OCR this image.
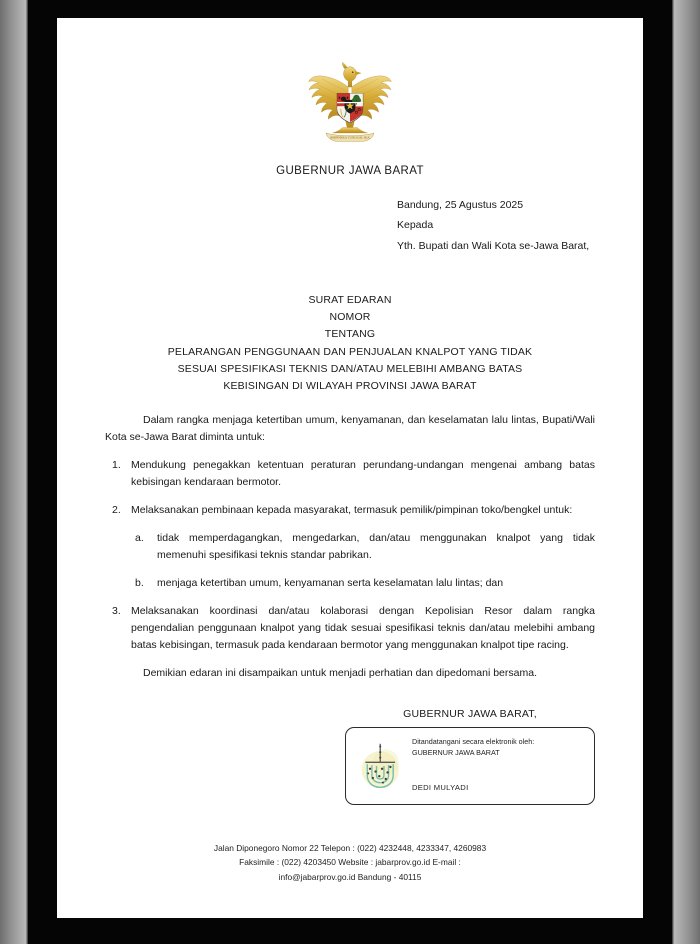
BHINNEKA TUNGGAL IKA
GUBERNUR JAWA BARAT
Bandung, 25 Agustus 2025
Kepada
Yth. Bupati dan Wali Kota se-Jawa Barat,
SURAT EDARAN
NOMOR
TENTANG
PELARANGAN PENGGUNAAN DAN PENJUALAN KNALPOT YANG TIDAK
SESUAI SPESIFIKASI TEKNIS DAN/ATAU MELEBIHI AMBANG BATAS
KEBISINGAN DI WILAYAH PROVINSI JAWA BARAT

Dalam rangka menjaga ketertiban umum, kenyamanan, dan keselamatan lalu lintas, Bupati/Wali Kota se-Jawa Barat diminta untuk:

Mendukung penegakkan ketentuan peraturan perundang-undangan mengenai ambang batas kebisingan kendaraan bermotor.
Melaksanakan pembinaan kepada masyarakat, termasuk pemilik/pimpinan toko/bengkel untuk:
tidak memperdagangkan, mengedarkan, dan/atau menggunakan knalpot yang tidak memenuhi spesifikasi teknis standar pabrikan.
menjaga ketertiban umum, kenyamanan serta keselamatan lalu lintas; dan
Melaksanakan koordinasi dan/atau kolaborasi dengan Kepolisian Resor dalam rangka pengendalian penggunaan knalpot yang tidak sesuai spesifikasi teknis dan/atau melebihi ambang batas kebisingan, termasuk pada kendaraan bermotor yang menggunakan knalpot tipe racing.

Demikian edaran ini disampaikan untuk menjadi perhatian dan dipedomani bersama.

GUBERNUR JAWA BARAT,
Ditandatangani secara elektronik oleh:
GUBERNUR JAWA BARAT
DEDI MULYADI
Jalan Diponegoro Nomor 22 Telepon : (022) 4232448, 4233347, 4260983
Faksimile : (022) 4203450 Website : jabarprov.go.id E-mail :
info@jabarprov.go.id Bandung - 40115
